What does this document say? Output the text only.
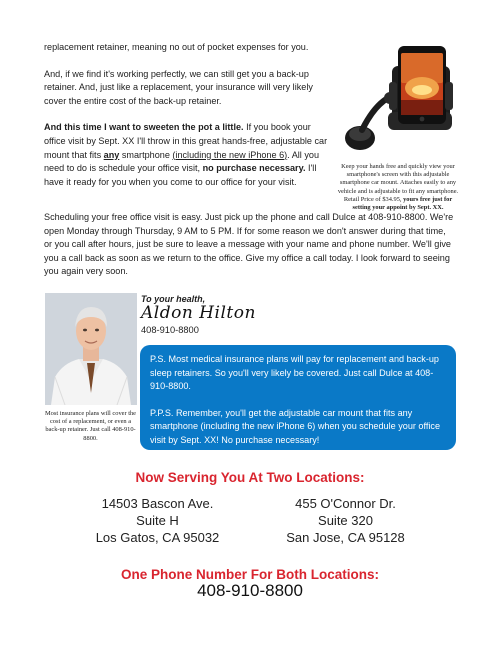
replacement retainer, meaning no out of pocket expenses for you.

And, if we find it's working perfectly, we can still get you a back-up retainer. And, just like a replacement, your insurance will very likely cover the entire cost of the back-up retainer.

And this time I want to sweeten the pot a little. If you book your office visit by Sept. XX I'll throw in this great hands-free, adjustable car mount that fits any smartphone (including the new iPhone 6). All you need to do is schedule your office visit, no purchase necessary. I'll have it ready for you when you come to our office for your visit.

Keep your hands free and quickly view your smartphone's screen with this adjustable smartphone car mount. Attaches easily to any vehicle and is adjustable to fit any smartphone. Retail Price of $34.95, yours free just for setting your appoint by Sept. XX.

Scheduling your free office visit is easy. Just pick up the phone and call Dulce at 408-910-8800. We're open Monday through Thursday, 9 AM to 5 PM. If for some reason we don't answer during that time, or you call after hours, just be sure to leave a message with your name and phone number. We'll give you a call back as soon as we return to the office. Give my office a call today. I look forward to seeing you again very soon.

Most insurance plans will cover the cost of a replacement, or even a back-up retainer. Just call 408-910-8800.

To your health,
Aldon Hilton
408-910-8800

P.S. Most medical insurance plans will pay for replacement and back-up sleep retainers. So you'll very likely be covered. Just call Dulce at 408-910-8800.

P.P.S. Remember, you'll get the adjustable car mount that fits any smartphone (including the new iPhone 6) when you schedule your office visit by Sept. XX! No purchase necessary!

Now Serving You At Two Locations:
14503 Bascon Ave.
Suite H
Los Gatos, CA 95032
455 O'Connor Dr.
Suite 320
San Jose, CA 95128
One Phone Number For Both Locations:
408-910-8800
